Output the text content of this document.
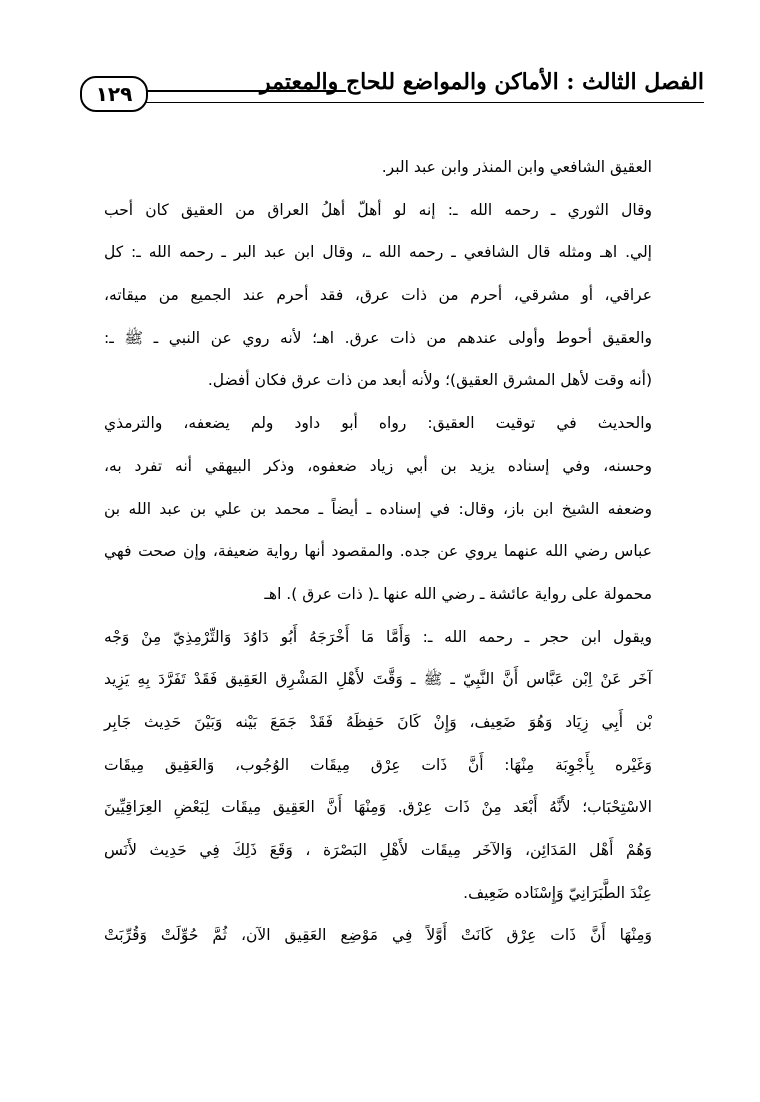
الفصل الثالث : الأماكن والمواضع للحاج والمعتمر
١٢٩
العقيق الشافعي وابن المنذر وابن عبد البر.
وقال الثوري ـ رحمه الله ـ: إنه لو أهلّ أهلُ العراق من العقيق كان أحب
إلي. اهـ ومثله قال الشافعي ـ رحمه الله ـ، وقال ابن عبد البر ـ رحمه الله ـ: كل
عراقي، أو مشرقي، أحرم من ذات عرق، فقد أحرم عند الجميع من ميقاته،
والعقيق أحوط وأولى عندهم من ذات عرق. اهـ؛ لأنه روي عن النبي ـ ﷺ ـ:
(أنه وقت لأهل المشرق العقيق)؛ ولأنه أبعد من ذات عرق فكان أفضل.
والحديث في توقيت العقيق: رواه أبو داود ولم يضعفه، والترمذي
وحسنه، وفي إسناده يزيد بن أبي زياد ضعفوه، وذكر البيهقي أنه تفرد به،
وضعفه الشيخ ابن باز، وقال: في إسناده ـ أيضاً ـ محمد بن علي بن عبد الله بن
عباس رضي الله عنهما يروي عن جده. والمقصود أنها رواية ضعيفة، وإن صحت فهي
محمولة على رواية عائشة ـ رضي الله عنها ـ( ذات عرق ). اهـ
ويقول ابن حجر ـ رحمه الله ـ: وَأَمَّا مَا أَخْرَجَهُ أَبُو دَاوُدَ وَالتِّرْمِذِيّ مِنْ وَجْه
آخَر عَنْ اِبْن عَبَّاس أَنَّ النَّبِيّ ـ ﷺ ـ وَقَّتَ لأَهْلِ المَشْرِق العَقِيق فَقَدْ تَفَرَّدَ بِهِ يَزِيد
بْن أَبِي زِيَاد وَهُوَ ضَعِيف، وَإِنْ كَانَ حَفِظَهُ فَقَدْ جَمَعَ بَيْنه وَبَيْنَ حَدِيث جَابِر
وَغَيْره بِأَجْوِبَة مِنْهَا: أَنَّ ذَات عِرْق مِيقَات الوُجُوب، وَالعَقِيق مِيقَات
الاسْتِحْبَاب؛ لأَنَّهُ أَبْعَد مِنْ ذَات عِرْق. وَمِنْهَا أَنَّ العَقِيق مِيقَات لِبَعْضِ العِرَاقِيِّينَ
وَهُمْ أَهْل المَدَائِن، وَالآخَر مِيقَات لأَهْلِ البَصْرَة ، وَقَعَ ذَلِكَ فِي حَدِيث لأَنَس
عِنْدَ الطَّبَرَانِيّ وَإِسْنَاده ضَعِيف.
وَمِنْهَا أَنَّ ذَات عِرْق كَانَتْ أَوَّلاً فِي مَوْضِع العَقِيق الآن، ثُمَّ حُوِّلَتْ وَقُرِّبَتْ
